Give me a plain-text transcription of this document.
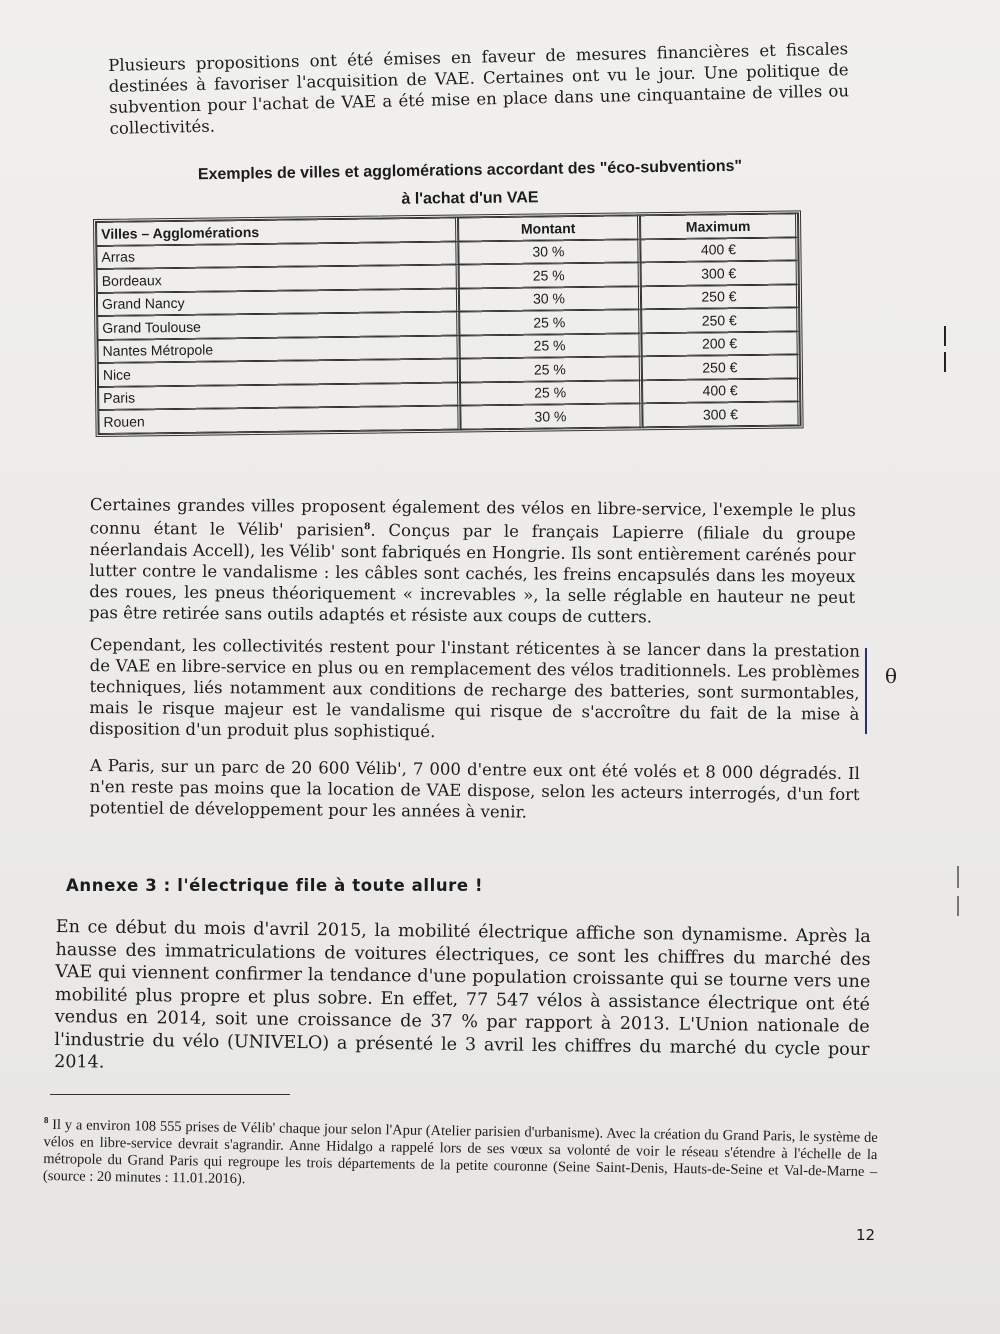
Plusieurs propositions ont été émises en faveur de mesures financières et fiscales destinées à favoriser l'acquisition de VAE. Certaines ont vu le jour. Une politique de subvention pour l'achat de VAE a été mise en place dans une cinquantaine de villes ou collectivités.

Exemples de villes et agglomérations accordant des "éco-subventions"
à l'achat d'un VAE
Villes – Agglomérations	Montant	Maximum
Arras	30 %	400 €
Bordeaux	25 %	300 €
Grand Nancy	30 %	250 €
Grand Toulouse	25 %	250 €
Nantes Métropole	25 %	200 €
Nice	25 %	250 €
Paris	25 %	400 €
Rouen	30 %	300 €

Certaines grandes villes proposent également des vélos en libre-service, l'exemple le plus connu étant le Vélib' parisien$^8$. Conçus par le français Lapierre (filiale du groupe néerlandais Accell), les Vélib' sont fabriqués en Hongrie. Ils sont entièrement carénés pour lutter contre le vandalisme : les câbles sont cachés, les freins encapsulés dans les moyeux des roues, les pneus théoriquement « increvables », la selle réglable en hauteur ne peut pas être retirée sans outils adaptés et résiste aux coups de cutters.

Cependant, les collectivités restent pour l'instant réticentes à se lancer dans la prestation de VAE en libre-service en plus ou en remplacement des vélos traditionnels. Les problèmes techniques, liés notamment aux conditions de recharge des batteries, sont surmontables, mais le risque majeur est le vandalisme qui risque de s'accroître du fait de la mise à disposition d'un produit plus sophistiqué.

A Paris, sur un parc de 20 600 Vélib', 7 000 d'entre eux ont été volés et 8 000 dégradés. Il n'en reste pas moins que la location de VAE dispose, selon les acteurs interrogés, d'un fort potentiel de développement pour les années à venir.

Annexe 3 : l'électrique file à toute allure !

En ce début du mois d'avril 2015, la mobilité électrique affiche son dynamisme. Après la hausse des immatriculations de voitures électriques, ce sont les chiffres du marché des VAE qui viennent confirmer la tendance d'une population croissante qui se tourne vers une mobilité plus propre et plus sobre. En effet, 77 547 vélos à assistance électrique ont été vendus en 2014, soit une croissance de 37 % par rapport à 2013. L'Union nationale de l'industrie du vélo (UNIVELO) a présenté le 3 avril les chiffres du marché du cycle pour 2014.

$^8$ Il y a environ 108 555 prises de Vélib' chaque jour selon l'Apur (Atelier parisien d'urbanisme). Avec la création du Grand Paris, le système de vélos en libre-service devrait s'agrandir. Anne Hidalgo a rappelé lors de ses vœux sa volonté de voir le réseau s'étendre à l'échelle de la métropole du Grand Paris qui regroupe les trois départements de la petite couronne (Seine Saint-Denis, Hauts-de-Seine et Val-de-Marne – (source : 20 minutes : 11.01.2016).

12
θ
